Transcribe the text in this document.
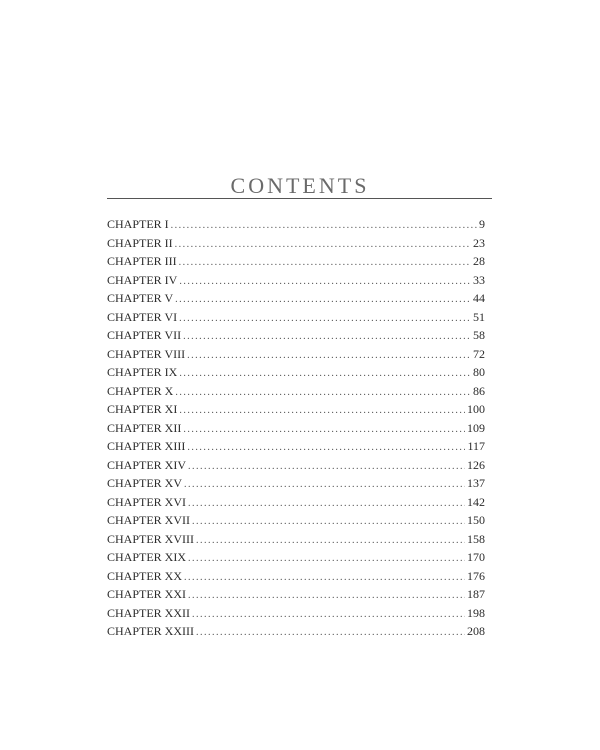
CONTENTS
CHAPTER I .....	9
CHAPTER II .....	23
CHAPTER III .....	28
CHAPTER IV .....	33
CHAPTER V .....	44
CHAPTER VI .....	51
CHAPTER VII .....	58
CHAPTER VIII .....	72
CHAPTER IX .....	80
CHAPTER X .....	86
CHAPTER XI .....	100
CHAPTER XII .....	109
CHAPTER XIII .....	117
CHAPTER XIV .....	126
CHAPTER XV .....	137
CHAPTER XVI .....	142
CHAPTER XVII .....	150
CHAPTER XVIII .....	158
CHAPTER XIX .....	170
CHAPTER XX .....	176
CHAPTER XXI .....	187
CHAPTER XXII .....	198
CHAPTER XXIII .....	208
